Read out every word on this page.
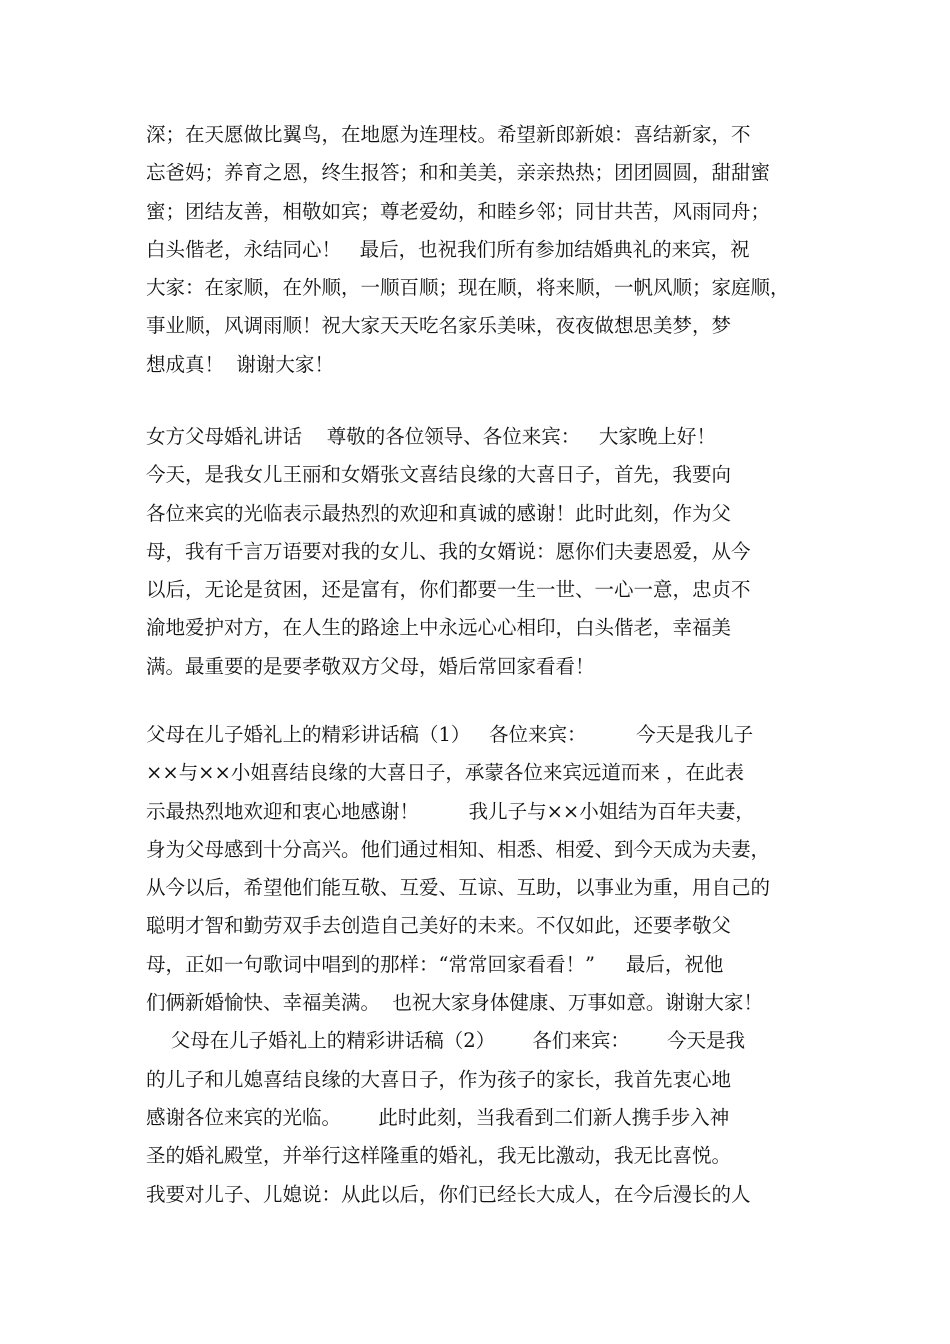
深；在天愿做比翼鸟，在地愿为连理枝。希望新郎新娘：喜结新家，不
忘爸妈；养育之恩，终生报答；和和美美，亲亲热热；团团圆圆，甜甜蜜
蜜；团结友善，相敬如宾；尊老爱幼，和睦乡邻；同甘共苦，风雨同舟；
白头偕老，永结同心！   最后，也祝我们所有参加结婚典礼的来宾，祝
大家：在家顺，在外顺，一顺百顺；现在顺，将来顺，一帆风顺；家庭顺，
事业顺，风调雨顺！祝大家天天吃名家乐美味，夜夜做想思美梦，梦
想成真！  谢谢大家！
女方父母婚礼讲话    尊敬的各位领导、各位来宾：   大家晚上好！
今天，是我女儿王丽和女婿张文喜结良缘的大喜日子，首先，我要向
各位来宾的光临表示最热烈的欢迎和真诚的感谢！此时此刻，作为父
母，我有千言万语要对我的女儿、我的女婿说：愿你们夫妻恩爱，从今
以后，无论是贫困，还是富有，你们都要一生一世、一心一意，忠贞不
渝地爱护对方，在人生的路途上中永远心心相印，白头偕老，幸福美
满。最重要的是要孝敬双方父母，婚后常回家看看！
父母在儿子婚礼上的精彩讲话稿（1）   各位来宾：        今天是我儿子
××与××小姐喜结良缘的大喜日子，承蒙各位来宾远道而来 ，在此表
示最热烈地欢迎和衷心地感谢！        我儿子与××小姐结为百年夫妻，
身为父母感到十分高兴。他们通过相知、相悉、相爱、到今天成为夫妻，
从今以后，希望他们能互敬、互爱、互谅、互助，以事业为重，用自己的
聪明才智和勤劳双手去创造自己美好的未来。不仅如此，还要孝敬父
母，正如一句歌词中唱到的那样：“常常回家看看！”     最后，祝他
们俩新婚愉快、幸福美满。  也祝大家身体健康、万事如意。谢谢大家！
父母在儿子婚礼上的精彩讲话稿（2）      各们来宾：      今天是我
的儿子和儿媳喜结良缘的大喜日子，作为孩子的家长，我首先衷心地
感谢各位来宾的光临。      此时此刻，当我看到二们新人携手步入神
圣的婚礼殿堂，并举行这样隆重的婚礼，我无比激动，我无比喜悦。
我要对儿子、儿媳说：从此以后，你们已经长大成人，在今后漫长的人
